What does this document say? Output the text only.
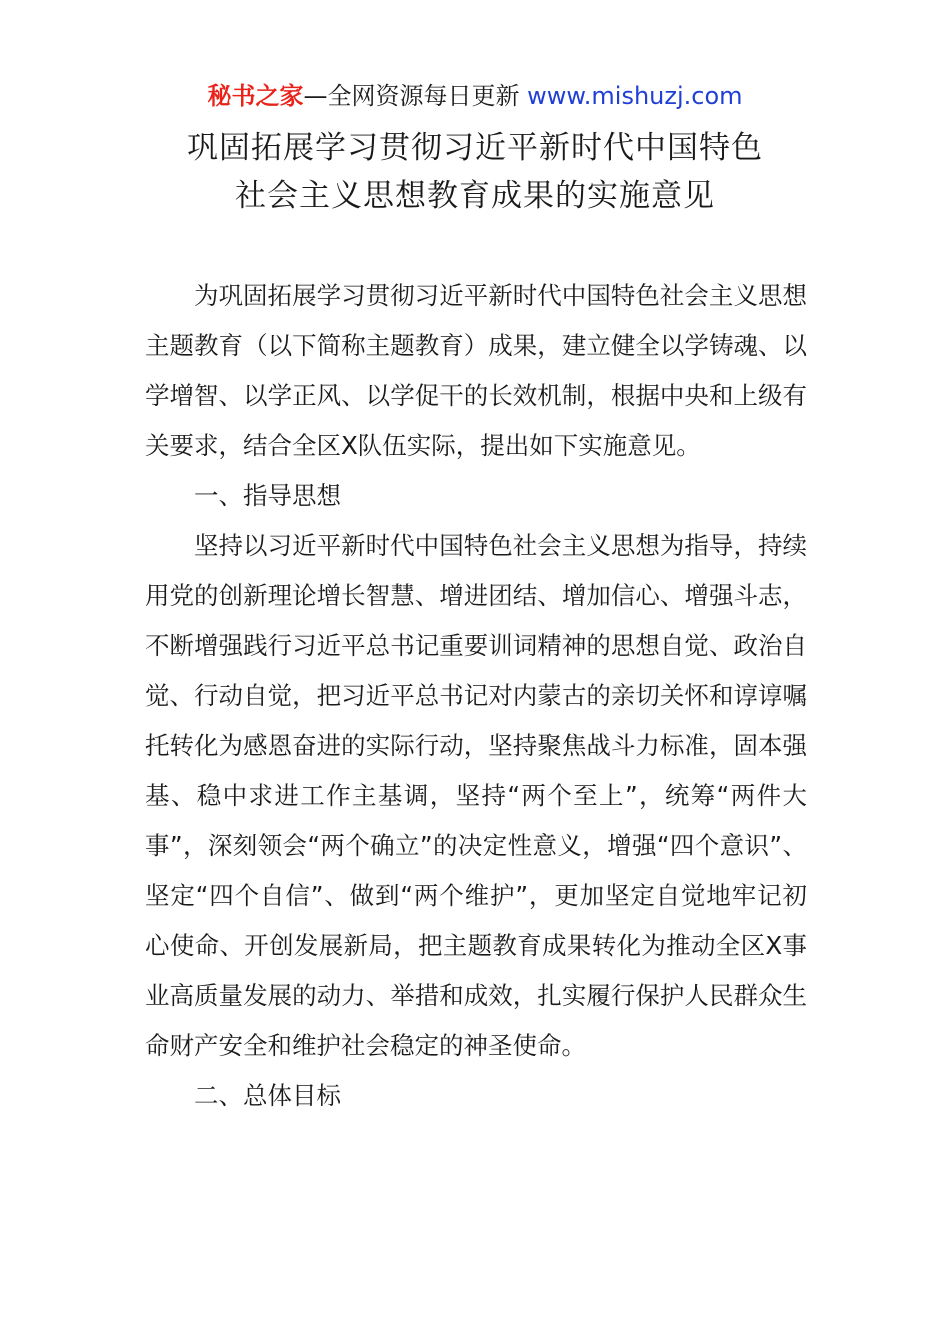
秘书之家—全网资源每日更新 www.mishuzj.com
巩固拓展学习贯彻习近平新时代中国特色
社会主义思想教育成果的实施意见

为巩固拓展学习贯彻习近平新时代中国特色社会主义思想主题教育（以下简称主题教育）成果，建立健全以学铸魂、以学增智、以学正风、以学促干的长效机制，根据中央和上级有关要求，结合全区X队伍实际，提出如下实施意见。

一、指导思想

坚持以习近平新时代中国特色社会主义思想为指导，持续用党的创新理论增长智慧、增进团结、增加信心、增强斗志，不断增强践行习近平总书记重要训词精神的思想自觉、政治自觉、行动自觉，把习近平总书记对内蒙古的亲切关怀和谆谆嘱托转化为感恩奋进的实际行动，坚持聚焦战斗力标准，固本强基、稳中求进工作主基调，坚持“两个至上”，统筹“两件大事”，深刻领会“两个确立”的决定性意义，增强“四个意识”、坚定“四个自信”、做到“两个维护”，更加坚定自觉地牢记初心使命、开创发展新局，把主题教育成果转化为推动全区X事业高质量发展的动力、举措和成效，扎实履行保护人民群众生命财产安全和维护社会稳定的神圣使命。

二、总体目标
